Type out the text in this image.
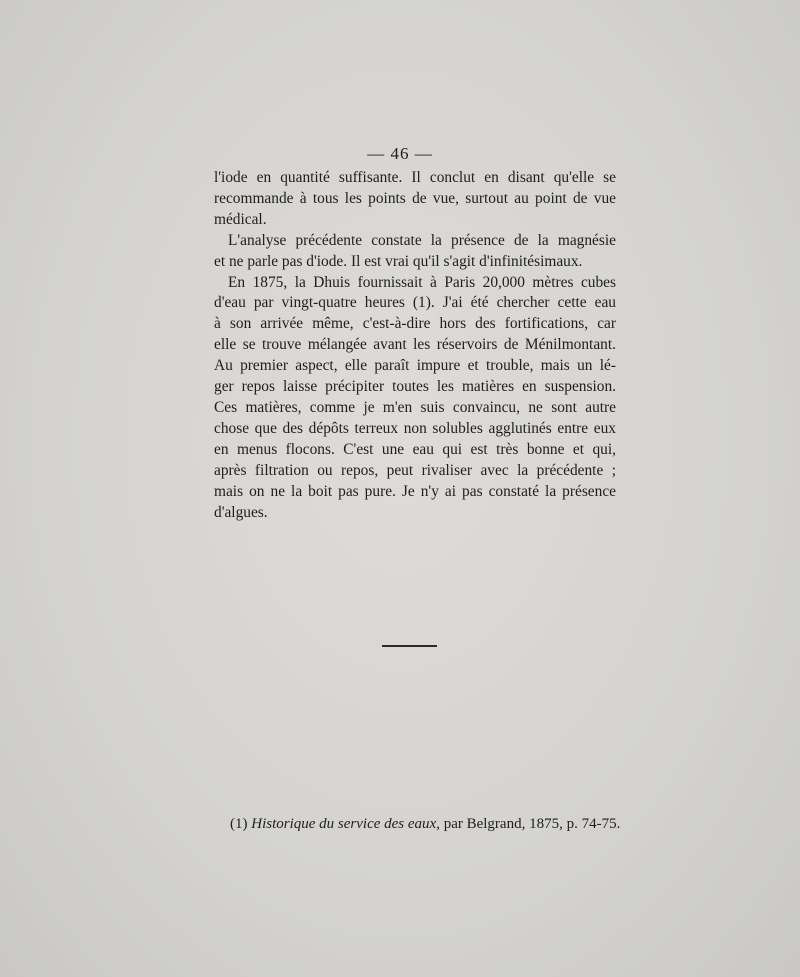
— 46 —
l'iode en quantité suffisante. Il conclut en disant qu'elle se
recommande à tous les points de vue, surtout au point de vue
médical.
L'analyse précédente constate la présence de la magnésie
et ne parle pas d'iode. Il est vrai qu'il s'agit d'infinitésimaux.
En 1875, la Dhuis fournissait à Paris 20,000 mètres cubes
d'eau par vingt-quatre heures (1). J'ai été chercher cette eau
à son arrivée même, c'est-à-dire hors des fortifications, car
elle se trouve mélangée avant les réservoirs de Ménilmontant.
Au premier aspect, elle paraît impure et trouble, mais un lé-
ger repos laisse précipiter toutes les matières en suspension.
Ces matières, comme je m'en suis convaincu, ne sont autre
chose que des dépôts terreux non solubles agglutinés entre eux
en menus flocons. C'est une eau qui est très bonne et qui,
après filtration ou repos, peut rivaliser avec la précédente ;
mais on ne la boit pas pure. Je n'y ai pas constaté la présence
d'algues.
(1) Historique du service des eaux, par Belgrand, 1875, p. 74-75.
